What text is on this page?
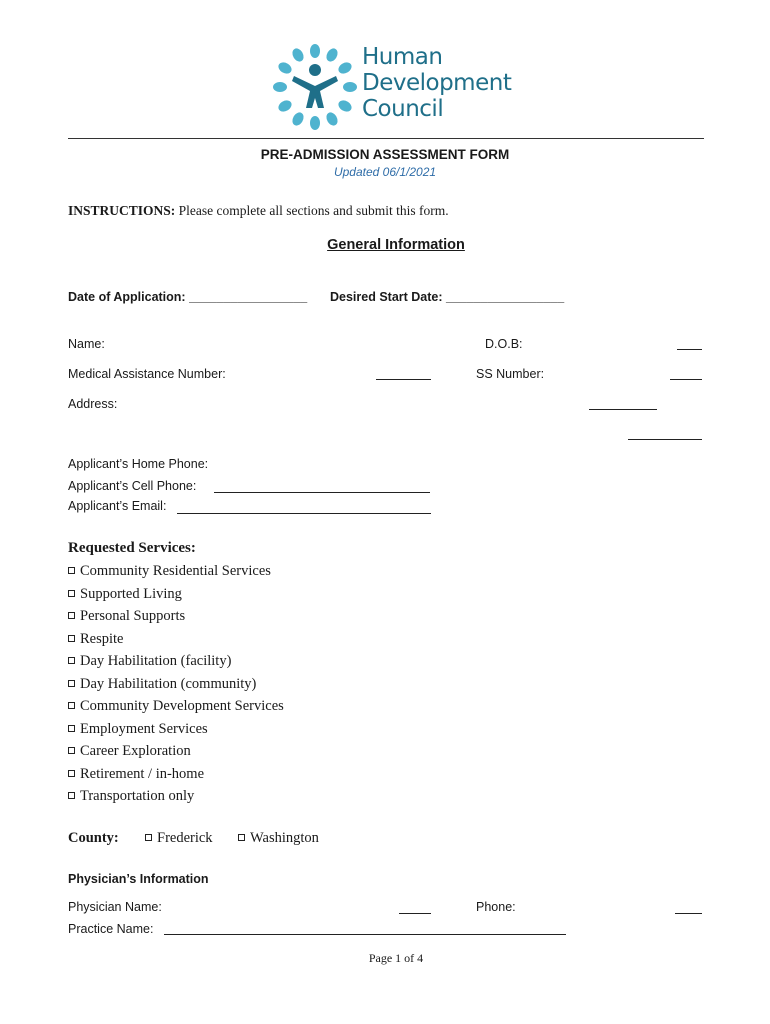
Human
Development
Council
PRE-ADMISSION ASSESSMENT FORM
Updated 06/1/2021
INSTRUCTIONS: Please complete all sections and submit this form.
General Information
Date of Application: _________________ Desired Start Date: _________________
Name:	D.O.B:
Medical Assistance Number:	SS Number:
Address:
Applicant’s Home Phone:
Applicant’s Cell Phone:
Applicant’s Email:
Requested Services:
Community Residential Services
Supported Living
Personal Supports
Respite
Day Habilitation (facility)
Day Habilitation (community)
Community Development Services
Employment Services
Career Exploration
Retirement / in-home
Transportation only
County:	Frederick	Washington
Physician’s Information
Physician Name:	Phone:
Practice Name:
Page 1 of 4
